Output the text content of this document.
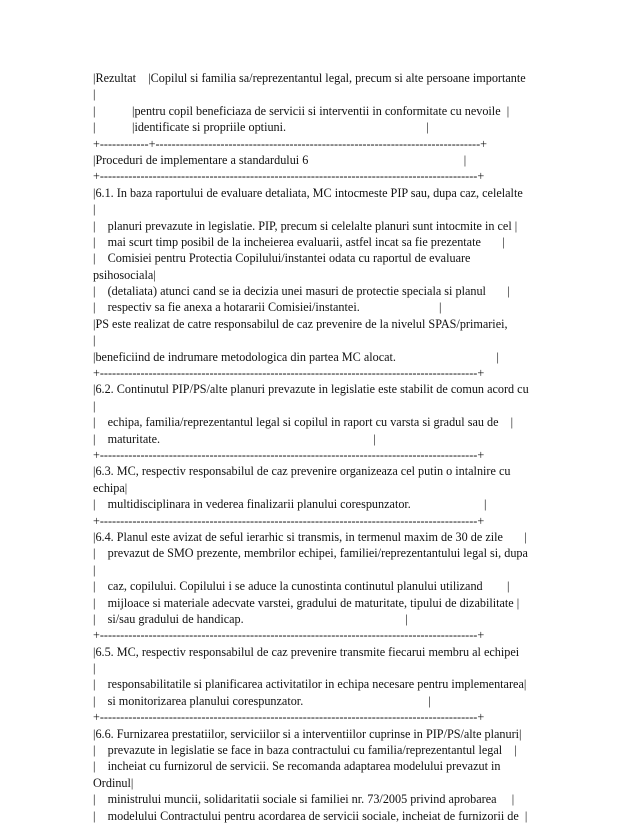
|Rezultat    |Copilul si familia sa/reprezentantul legal, precum si alte persoane importante
|
|            |pentru copil beneficiaza de servicii si interventii in conformitate cu nevoile  |
|            |identificate si propriile optiuni.                                              |
+------------+--------------------------------------------------------------------------------+
|Proceduri de implementare a standardului 6                                                   |
+---------------------------------------------------------------------------------------------+
|6.1. In baza raportului de evaluare detaliata, MC intocmeste PIP sau, dupa caz, celelalte
|
|    planuri prevazute in legislatie. PIP, precum si celelalte planuri sunt intocmite in cel |
|    mai scurt timp posibil de la incheierea evaluarii, astfel incat sa fie prezentate       |
|    Comisiei pentru Protectia Copilului/instantei odata cu raportul de evaluare
psihosociala|
|    (detaliata) atunci cand se ia decizia unei masuri de protectie speciala si planul       |
|    respectiv sa fie anexa a hotararii Comisiei/instantei.                          |
|PS este realizat de catre responsabilul de caz prevenire de la nivelul SPAS/primariei,
|
|beneficiind de indrumare metodologica din partea MC alocat.                                 |
+---------------------------------------------------------------------------------------------+
|6.2. Continutul PIP/PS/alte planuri prevazute in legislatie este stabilit de comun acord cu
|
|    echipa, familia/reprezentantul legal si copilul in raport cu varsta si gradul sau de    |
|    maturitate.                                                                      |
+---------------------------------------------------------------------------------------------+
|6.3. MC, respectiv responsabilul de caz prevenire organizeaza cel putin o intalnire cu
echipa|
|    multidisciplinara in vederea finalizarii planului corespunzator.                        |
+---------------------------------------------------------------------------------------------+
|6.4. Planul este avizat de seful ierarhic si transmis, in termenul maxim de 30 de zile       |
|    prevazut de SMO prezente, membrilor echipei, familiei/reprezentantului legal si, dupa
|
|    caz, copilului. Copilului i se aduce la cunostinta continutul planului utilizand        |
|    mijloace si materiale adecvate varstei, gradului de maturitate, tipului de dizabilitate |
|    si/sau gradului de handicap.                                                     |
+---------------------------------------------------------------------------------------------+
|6.5. MC, respectiv responsabilul de caz prevenire transmite fiecarui membru al echipei
|
|    responsabilitatile si planificarea activitatilor in echipa necesare pentru implementarea|
|    si monitorizarea planului corespunzator.                                         |
+---------------------------------------------------------------------------------------------+
|6.6. Furnizarea prestatiilor, serviciilor si a interventiilor cuprinse in PIP/PS/alte planuri|
|    prevazute in legislatie se face in baza contractului cu familia/reprezentantul legal    |
|    incheiat cu furnizorul de servicii. Se recomanda adaptarea modelului prevazut in
Ordinul|
|    ministrului muncii, solidaritatii sociale si familiei nr. 73/2005 privind aprobarea     |
|    modelului Contractului pentru acordarea de servicii sociale, incheiat de furnizorii de  |
